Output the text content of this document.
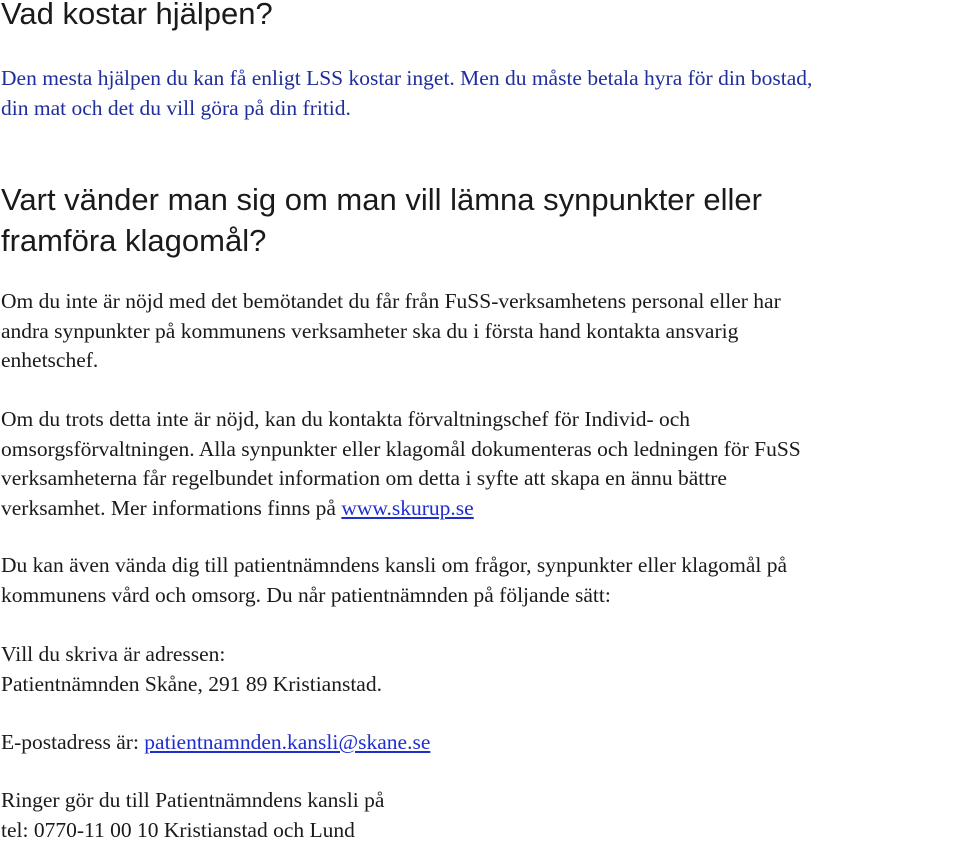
Vad kostar hjälpen?

Den mesta hjälpen du kan få enligt LSS kostar inget. Men du måste betala hyra för din bostad,
din mat och det du vill göra på din fritid.

Vart vänder man sig om man vill lämna synpunkter eller
framföra klagomål?

Om du inte är nöjd med det bemötandet du får från FuSS-verksamhetens personal eller har
andra synpunkter på kommunens verksamheter ska du i första hand kontakta ansvarig
enhetschef.

Om du trots detta inte är nöjd, kan du kontakta förvaltningschef för Individ- och
omsorgsförvaltningen. Alla synpunkter eller klagomål dokumenteras och ledningen för FuSS
verksamheterna får regelbundet information om detta i syfte att skapa en ännu bättre
verksamhet. Mer informations finns på www.skurup.se

Du kan även vända dig till patientnämndens kansli om frågor, synpunkter eller klagomål på
kommunens vård och omsorg. Du når patientnämnden på följande sätt:

Vill du skriva är adressen:
Patientnämnden Skåne, 291 89 Kristianstad.

E-postadress är: patientnamnden.kansli@skane.se

Ringer gör du till Patientnämndens kansli på
tel: 0770-11 00 10 Kristianstad och Lund
